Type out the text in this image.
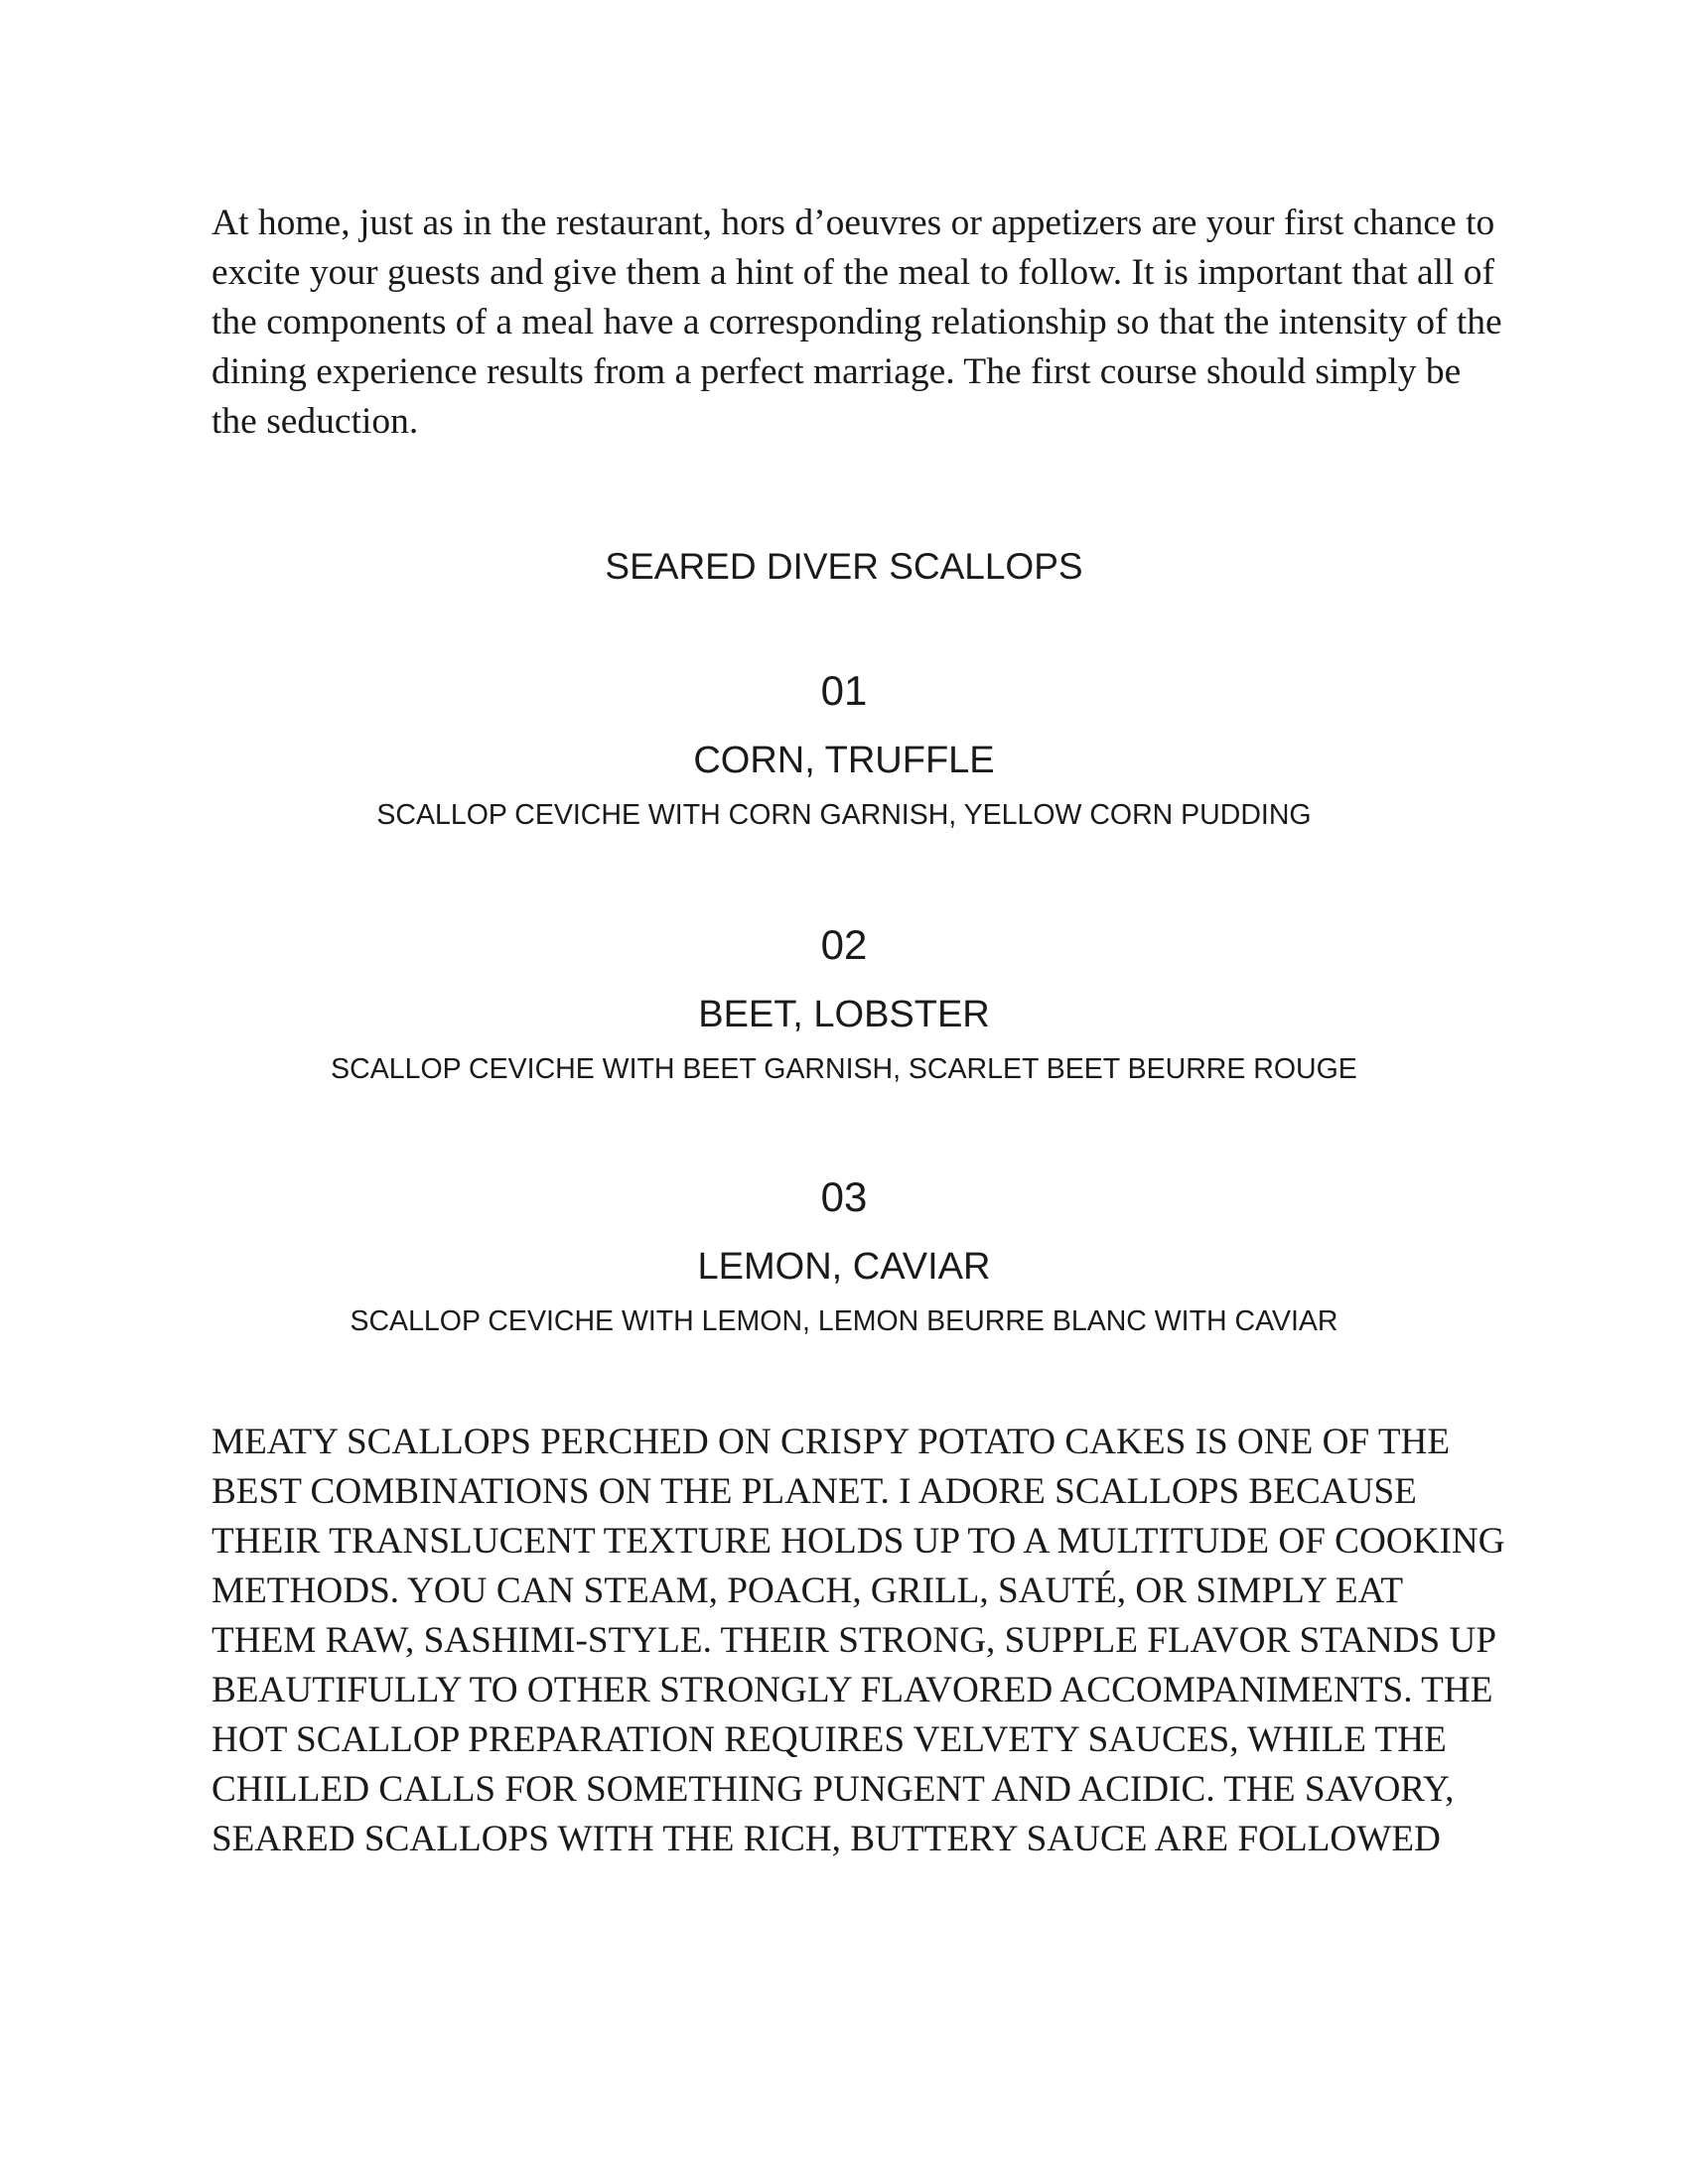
At home, just as in the restaurant, hors d’oeuvres or appetizers are your first chance to excite your guests and give them a hint of the meal to follow. It is important that all of the components of a meal have a corresponding relationship so that the intensity of the dining experience results from a perfect marriage. The first course should simply be the seduction.

SEARED DIVER SCALLOPS
01
CORN, TRUFFLE
SCALLOP CEVICHE WITH CORN GARNISH, YELLOW CORN PUDDING
02
BEET, LOBSTER
SCALLOP CEVICHE WITH BEET GARNISH, SCARLET BEET BEURRE ROUGE
03
LEMON, CAVIAR
SCALLOP CEVICHE WITH LEMON, LEMON BEURRE BLANC WITH CAVIAR

MEATY SCALLOPS PERCHED ON CRISPY POTATO CAKES IS ONE OF THE BEST COMBINATIONS ON THE PLANET. I ADORE SCALLOPS BECAUSE THEIR TRANSLUCENT TEXTURE HOLDS UP TO A MULTITUDE OF COOKING METHODS. YOU CAN STEAM, POACH, GRILL, SAUTÉ, OR SIMPLY EAT THEM RAW, SASHIMI-STYLE. THEIR STRONG, SUPPLE FLAVOR STANDS UP BEAUTIFULLY TO OTHER STRONGLY FLAVORED ACCOMPANIMENTS. THE HOT SCALLOP PREPARATION REQUIRES VELVETY SAUCES, WHILE THE CHILLED CALLS FOR SOMETHING PUNGENT AND ACIDIC. THE SAVORY, SEARED SCALLOPS WITH THE RICH, BUTTERY SAUCE ARE FOLLOWED
